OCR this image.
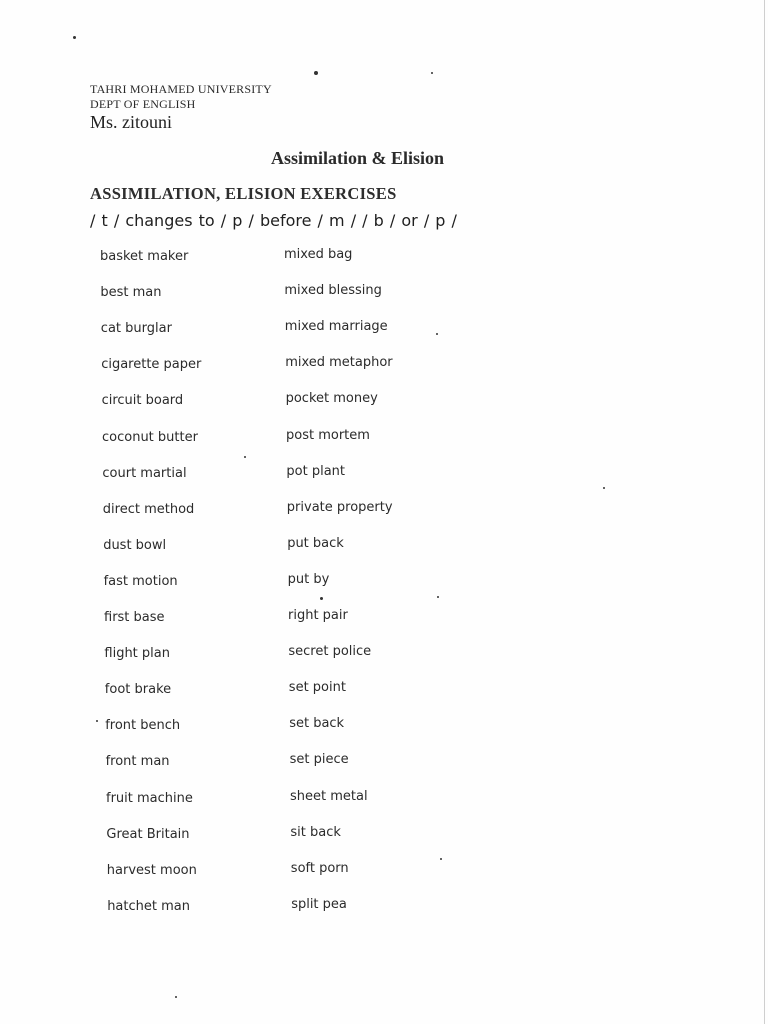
TAHRI MOHAMED UNIVERSITY
DEPT OF ENGLISH
Ms. zitouni
Assimilation & Elision
ASSIMILATION, ELISION EXERCISES
/ t / changes to / p / before / m / / b / or / p /
basket maker
best man
cat burglar
cigarette paper
circuit board
coconut butter
court martial
direct method
dust bowl
fast motion
first base
flight plan
foot brake
front bench
front man
fruit machine
Great Britain
harvest moon
hatchet man
mixed bag
mixed blessing
mixed marriage
mixed metaphor
pocket money
post mortem
pot plant
private property
put back
put by
right pair
secret police
set point
set back
set piece
sheet metal
sit back
soft porn
split pea
